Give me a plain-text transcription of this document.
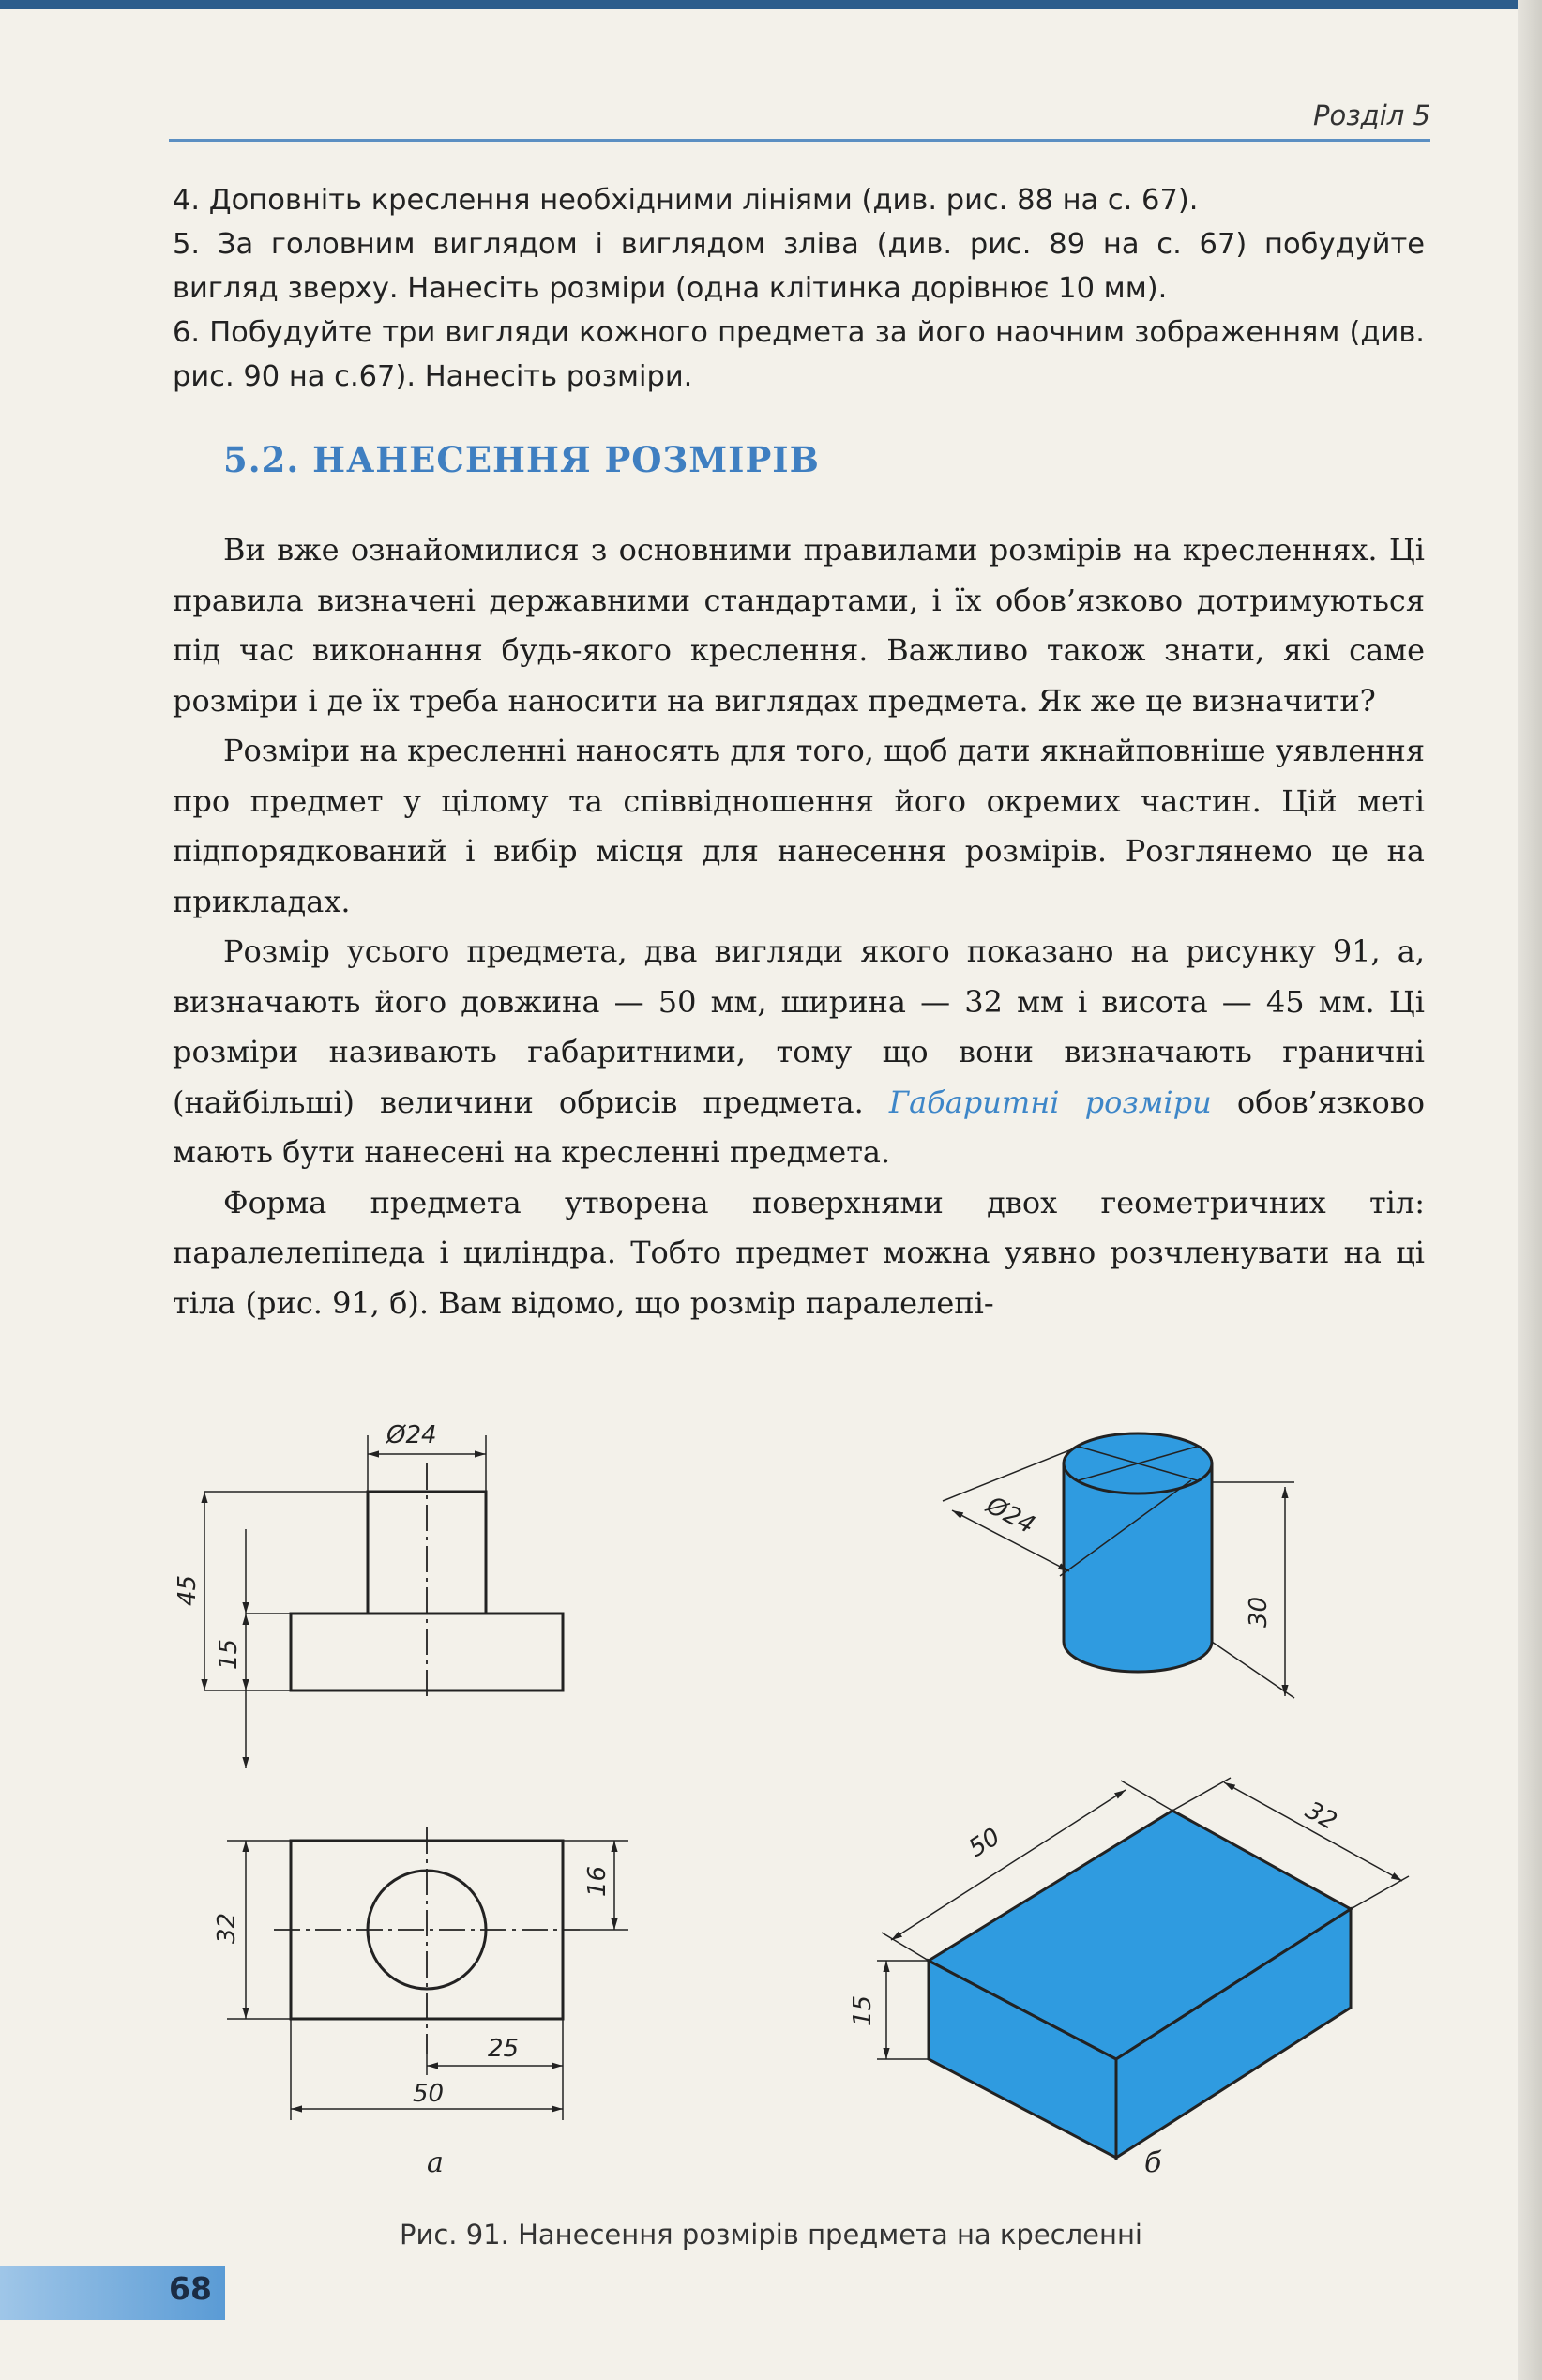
Розділ 5

4. Доповніть креслення необхідними лініями (див. рис. 88 на с. 67).

5. За головним виглядом і виглядом зліва (див. рис. 89 на с. 67) побудуйте вигляд зверху. Нанесіть розміри (одна клітинка дорівнює 10 мм).

6. Побудуйте три вигляди кожного предмета за його наочним зображенням (див. рис. 90 на с.67). Нанесіть розміри.

5.2. НАНЕСЕННЯ РОЗМІРІВ

Ви вже ознайомилися з основними правилами розмірів на кресленнях. Ці правила визначені державними стандартами, і їх обов’язково дотримуються під час виконання будь-якого креслення. Важливо також знати, які саме розміри і де їх треба наносити на виглядах предмета. Як же це визначити?

Розміри на кресленні наносять для того, щоб дати якнайповніше уявлення про предмет у цілому та співвідношення його окремих частин. Цій меті підпорядкований і вибір місця для нанесення розмірів. Розглянемо це на прикладах.

Розмір усього предмета, два вигляди якого показано на рисунку 91, а, визначають його довжина — 50 мм, ширина — 32 мм і висота — 45 мм. Ці розміри називають габаритними, тому що вони визначають граничні (найбільші) величини обрисів предмета. Габаритні розміри обов’язково мають бути нанесені на кресленні предмета.

Форма предмета утворена поверхнями двох геометричних тіл: паралелепіпеда і циліндра. Тобто предмет можна уявно розчленувати на ці тіла (рис. 91, б). Вам відомо, що розмір паралелепі-

Ø24
45
15
32
16
25
50
а
Ø24
30
50
32
15
б
Рис. 91. Нанесення розмірів предмета на кресленні
68
